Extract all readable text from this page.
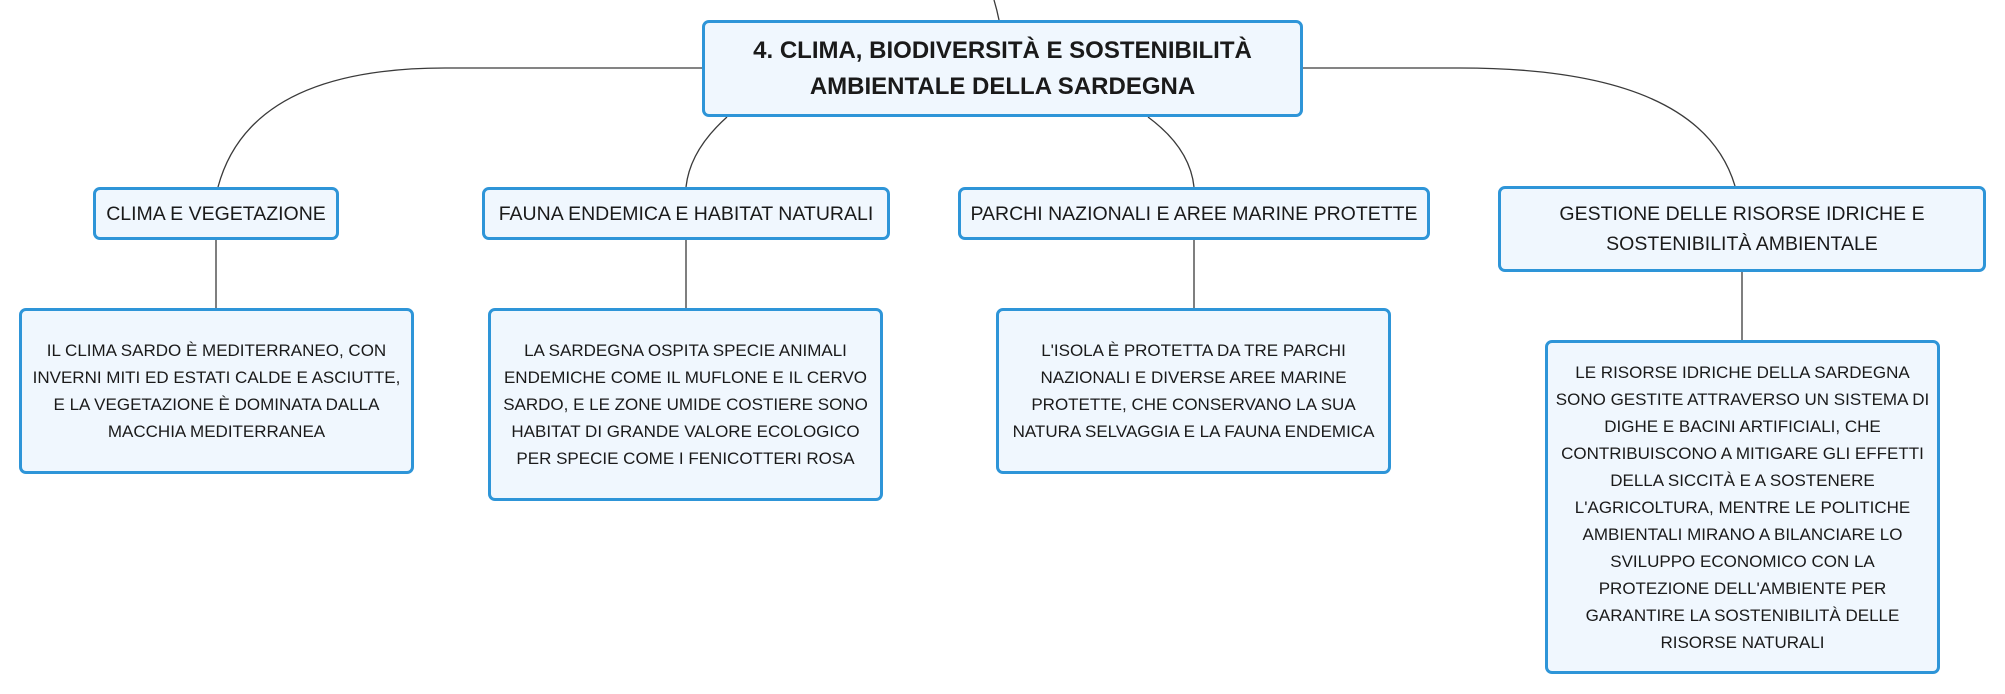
4. CLIMA, BIODIVERSITÀ E SOSTENIBILITÀ AMBIENTALE DELLA SARDEGNA
CLIMA E VEGETAZIONE	FAUNA ENDEMICA E HABITAT NATURALI	PARCHI NAZIONALI E AREE MARINE PROTETTE	GESTIONE DELLE RISORSE IDRICHE E SOSTENIBILITÀ AMBIENTALE
IL CLIMA SARDO È MEDITERRANEO, CON INVERNI MITI ED ESTATI CALDE E ASCIUTTE, E LA VEGETAZIONE È DOMINATA DALLA MACCHIA MEDITERRANEA
LA SARDEGNA OSPITA SPECIE ANIMALI ENDEMICHE COME IL MUFLONE E IL CERVO SARDO, E LE ZONE UMIDE COSTIERE SONO HABITAT DI GRANDE VALORE ECOLOGICO PER SPECIE COME I FENICOTTERI ROSA
L'ISOLA È PROTETTA DA TRE PARCHI NAZIONALI E DIVERSE AREE MARINE PROTETTE, CHE CONSERVANO LA SUA NATURA SELVAGGIA E LA FAUNA ENDEMICA
LE RISORSE IDRICHE DELLA SARDEGNA SONO GESTITE ATTRAVERSO UN SISTEMA DI DIGHE E BACINI ARTIFICIALI, CHE CONTRIBUISCONO A MITIGARE GLI EFFETTI DELLA SICCITÀ E A SOSTENERE L'AGRICOLTURA, MENTRE LE POLITICHE AMBIENTALI MIRANO A BILANCIARE LO SVILUPPO ECONOMICO CON LA PROTEZIONE DELL'AMBIENTE PER GARANTIRE LA SOSTENIBILITÀ DELLE RISORSE NATURALI
